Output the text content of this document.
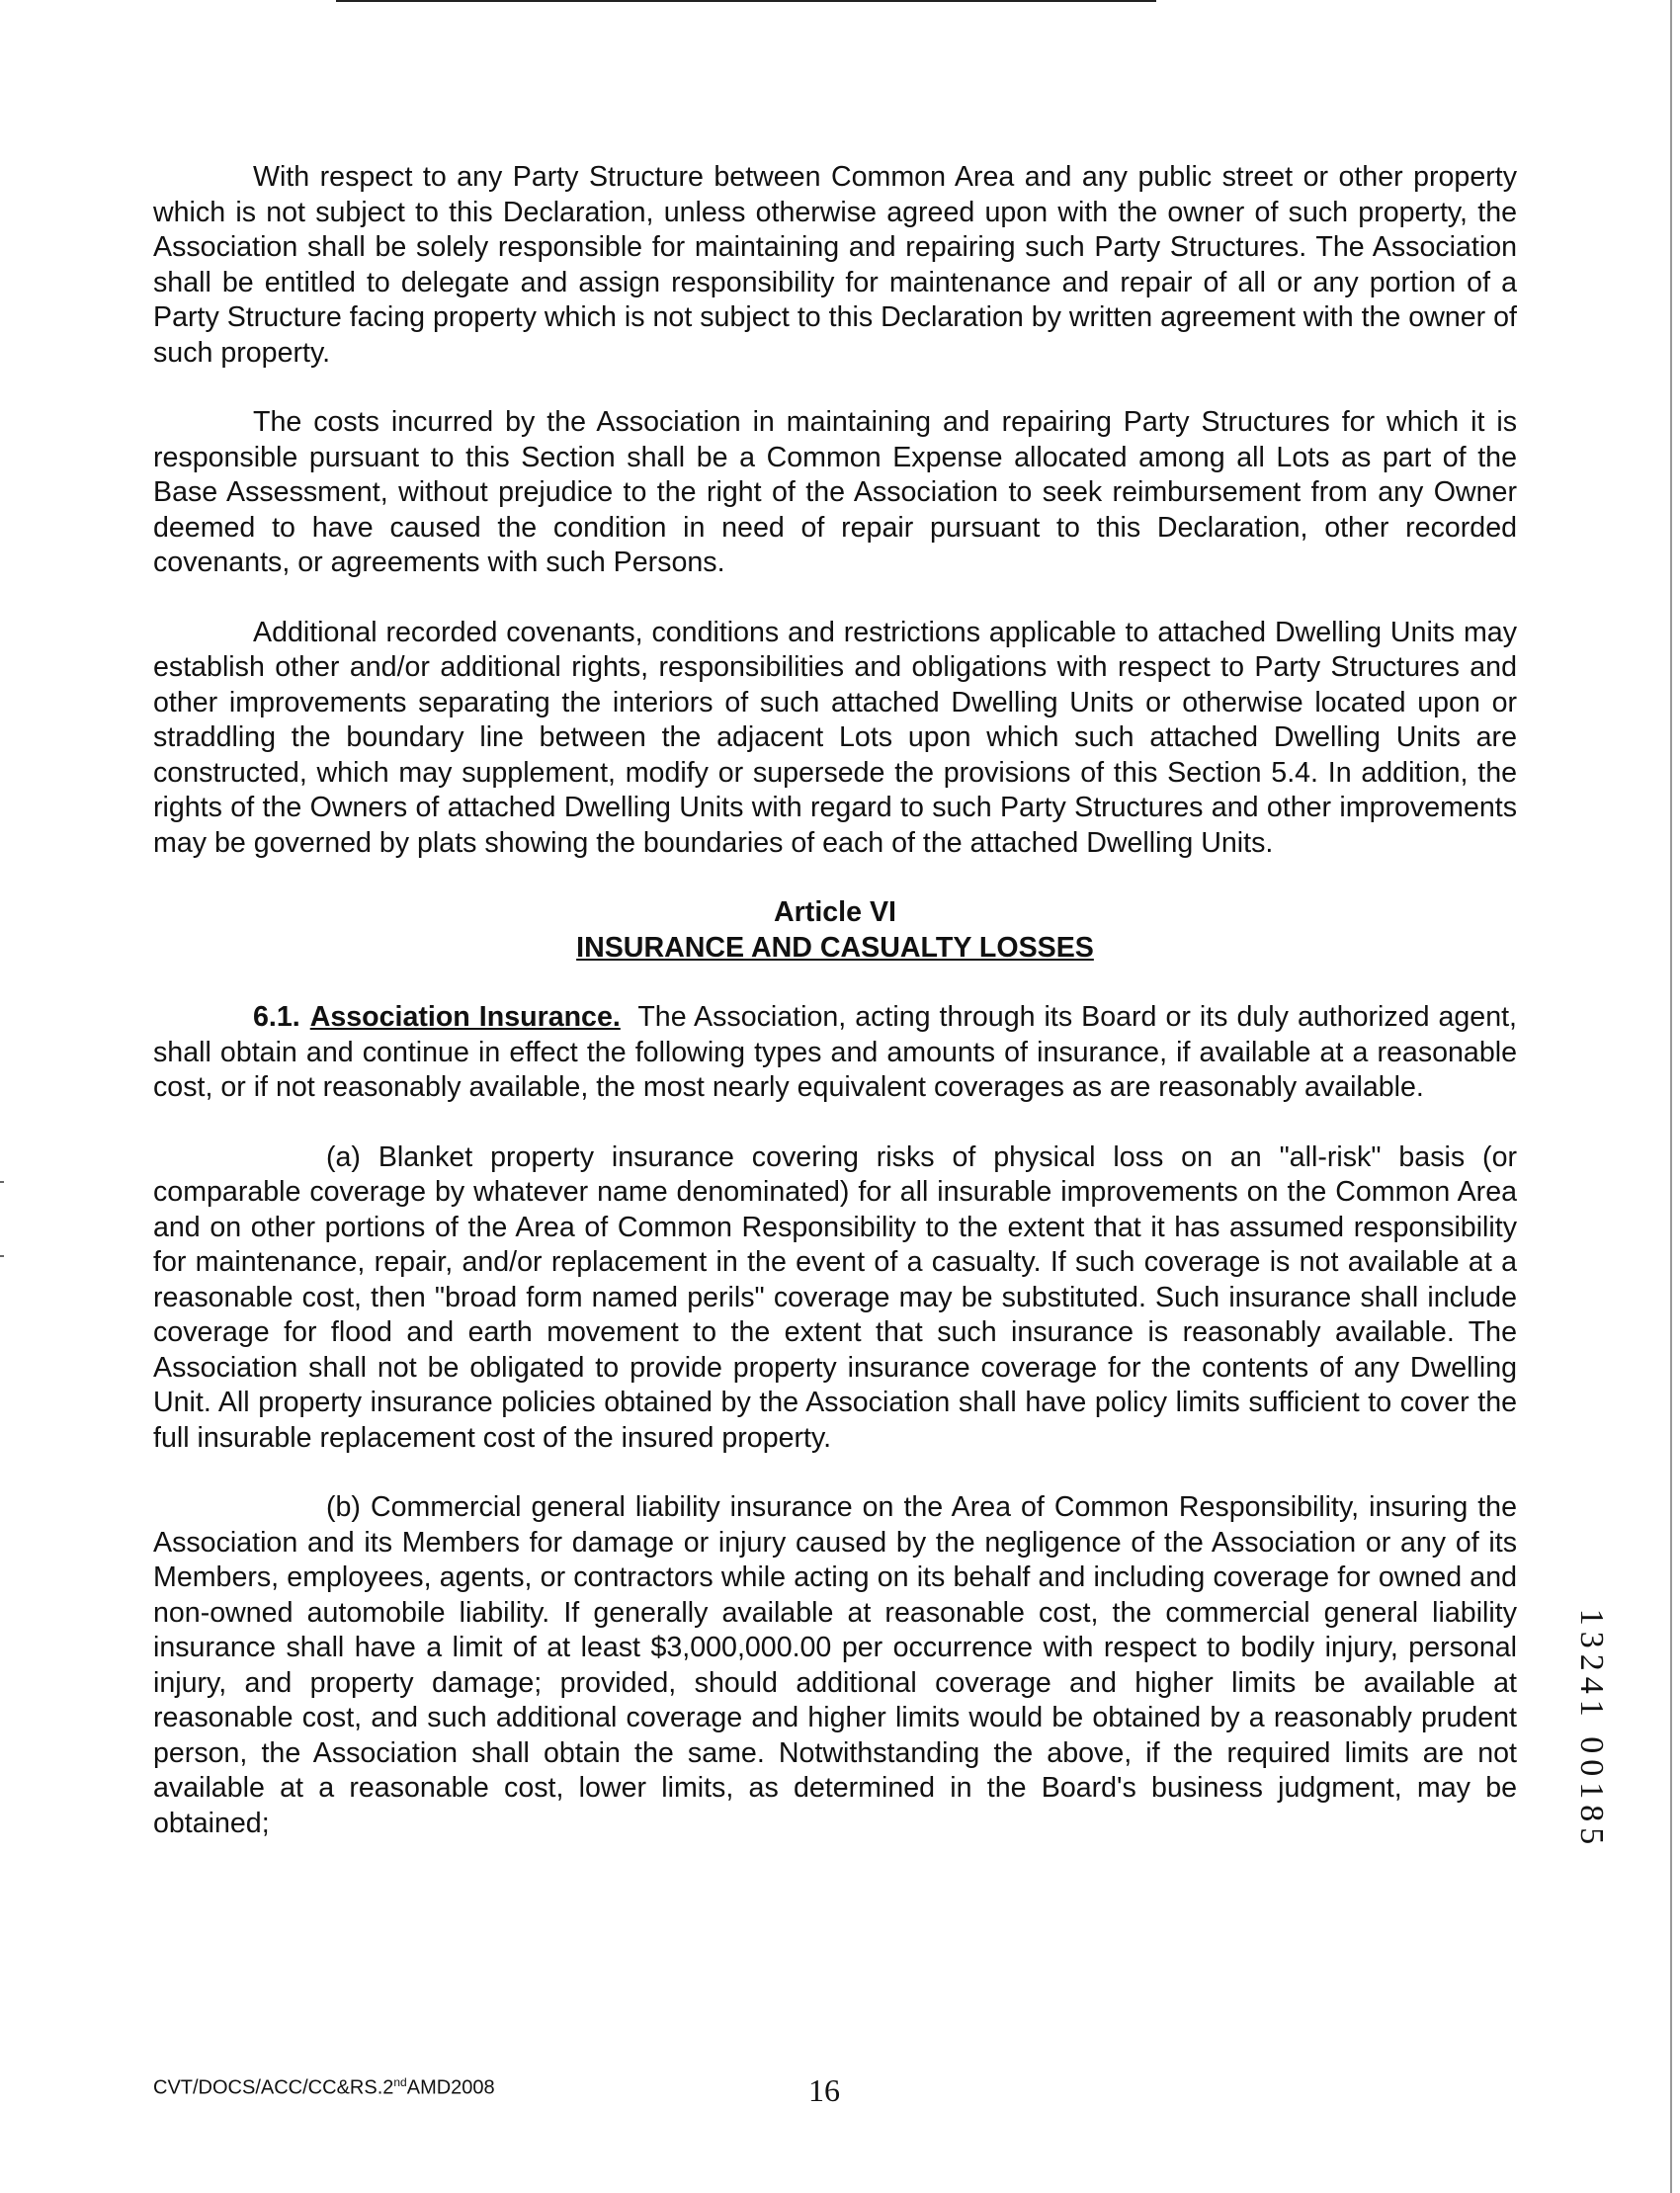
With respect to any Party Structure between Common Area and any public street or other property which is not subject to this Declaration, unless otherwise agreed upon with the owner of such property, the Association shall be solely responsible for maintaining and repairing such Party Structures. The Association shall be entitled to delegate and assign responsibility for maintenance and repair of all or any portion of a Party Structure facing property which is not subject to this Declaration by written agreement with the owner of such property.

The costs incurred by the Association in maintaining and repairing Party Structures for which it is responsible pursuant to this Section shall be a Common Expense allocated among all Lots as part of the Base Assessment, without prejudice to the right of the Association to seek reimbursement from any Owner deemed to have caused the condition in need of repair pursuant to this Declaration, other recorded covenants, or agreements with such Persons.

Additional recorded covenants, conditions and restrictions applicable to attached Dwelling Units may establish other and/or additional rights, responsibilities and obligations with respect to Party Structures and other improvements separating the interiors of such attached Dwelling Units or otherwise located upon or straddling the boundary line between the adjacent Lots upon which such attached Dwelling Units are constructed, which may supplement, modify or supersede the provisions of this Section 5.4. In addition, the rights of the Owners of attached Dwelling Units with regard to such Party Structures and other improvements may be governed by plats showing the boundaries of each of the attached Dwelling Units.

Article VI
INSURANCE AND CASUALTY LOSSES

6.1. Association Insurance. The Association, acting through its Board or its duly authorized agent, shall obtain and continue in effect the following types and amounts of insurance, if available at a reasonable cost, or if not reasonably available, the most nearly equivalent coverages as are reasonably available.

(a) Blanket property insurance covering risks of physical loss on an "all-risk" basis (or comparable coverage by whatever name denominated) for all insurable improvements on the Common Area and on other portions of the Area of Common Responsibility to the extent that it has assumed responsibility for maintenance, repair, and/or replacement in the event of a casualty. If such coverage is not available at a reasonable cost, then "broad form named perils" coverage may be substituted. Such insurance shall include coverage for flood and earth movement to the extent that such insurance is reasonably available. The Association shall not be obligated to provide property insurance coverage for the contents of any Dwelling Unit. All property insurance policies obtained by the Association shall have policy limits sufficient to cover the full insurable replacement cost of the insured property.

(b) Commercial general liability insurance on the Area of Common Responsibility, insuring the Association and its Members for damage or injury caused by the negligence of the Association or any of its Members, employees, agents, or contractors while acting on its behalf and including coverage for owned and non-owned automobile liability. If generally available at reasonable cost, the commercial general liability insurance shall have a limit of at least $3,000,000.00 per occurrence with respect to bodily injury, personal injury, and property damage; provided, should additional coverage and higher limits be available at reasonable cost, and such additional coverage and higher limits would be obtained by a reasonably prudent person, the Association shall obtain the same. Notwithstanding the above, if the required limits are not available at a reasonable cost, lower limits, as determined in the Board's business judgment, may be obtained;	13241 00185
CVT/DOCS/ACC/CC&RS.2ndAMD2008	16
